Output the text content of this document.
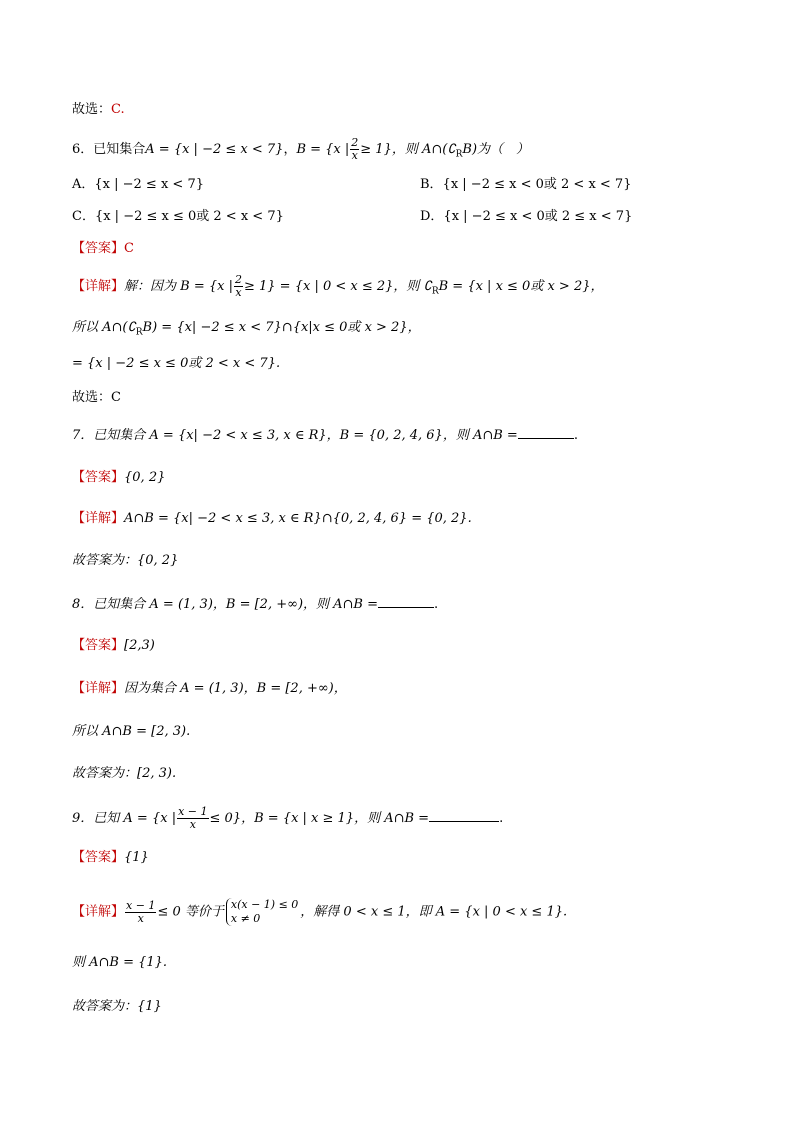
故选：C.
6．已知集合A = {x | −2 ≤ x < 7}，B = {x | $\frac{2}{x} \ge 1$}，则 $A\cap(∁_RB)$为（　）
A．{x | −2 ≤ x < 7}	B．{x | −2 ≤ x < 0或 2 < x < 7}
C．{x | −2 ≤ x ≤ 0或 2 < x < 7}	D．{x | −2 ≤ x < 0或 2 ≤ x < 7}
【答案】C
【详解】解：因为 B = {x | $\frac{2}{x} \ge 1\} = \{x$ | 0 < x ≤ 2}，则 $∁_RB = \{x$ | x ≤ 0或 x > 2}，
所以 $A\cap(∁_RB) = \{x| -2 \le x$ < 7}∩{x|x ≤ 0或 x > 2}，
= {x | −2 ≤ x ≤ 0或 2 < x < 7}.
故选：C
7．已知集合 A = {x| −2 < x ≤ 3, x ∈ R}，B = {0, 2, 4, 6}，则 A∩B =	.
【答案】{0, 2}
【详解】A∩B = {x| −2 < x ≤ 3, x ∈ R}∩{0, 2, 4, 6} = {0, 2}.
故答案为：{0, 2}
8．已知集合 A = (1, 3)，B = [2, +∞)，则 A∩B =	.
【答案】[2,3)
【详解】因为集合 A = (1, 3)，B = [2, +∞)，
所以 A∩B = [2, 3).
故答案为：[2, 3).
9．已知 A = {x | $\frac{x - 1}{x} \le 0$}，B = {x | x ≥ 1}，则 A∩B =	.
【答案】{1}
【详解】 $\frac{x - 1}{x} \le 0$ 等价于 x(x − 1) ≤ 0
x ≠ 0	，解得 0 < x ≤ 1，即 A = {x | 0 < x ≤ 1}.
则 A∩B = {1}.
故答案为：{1}
